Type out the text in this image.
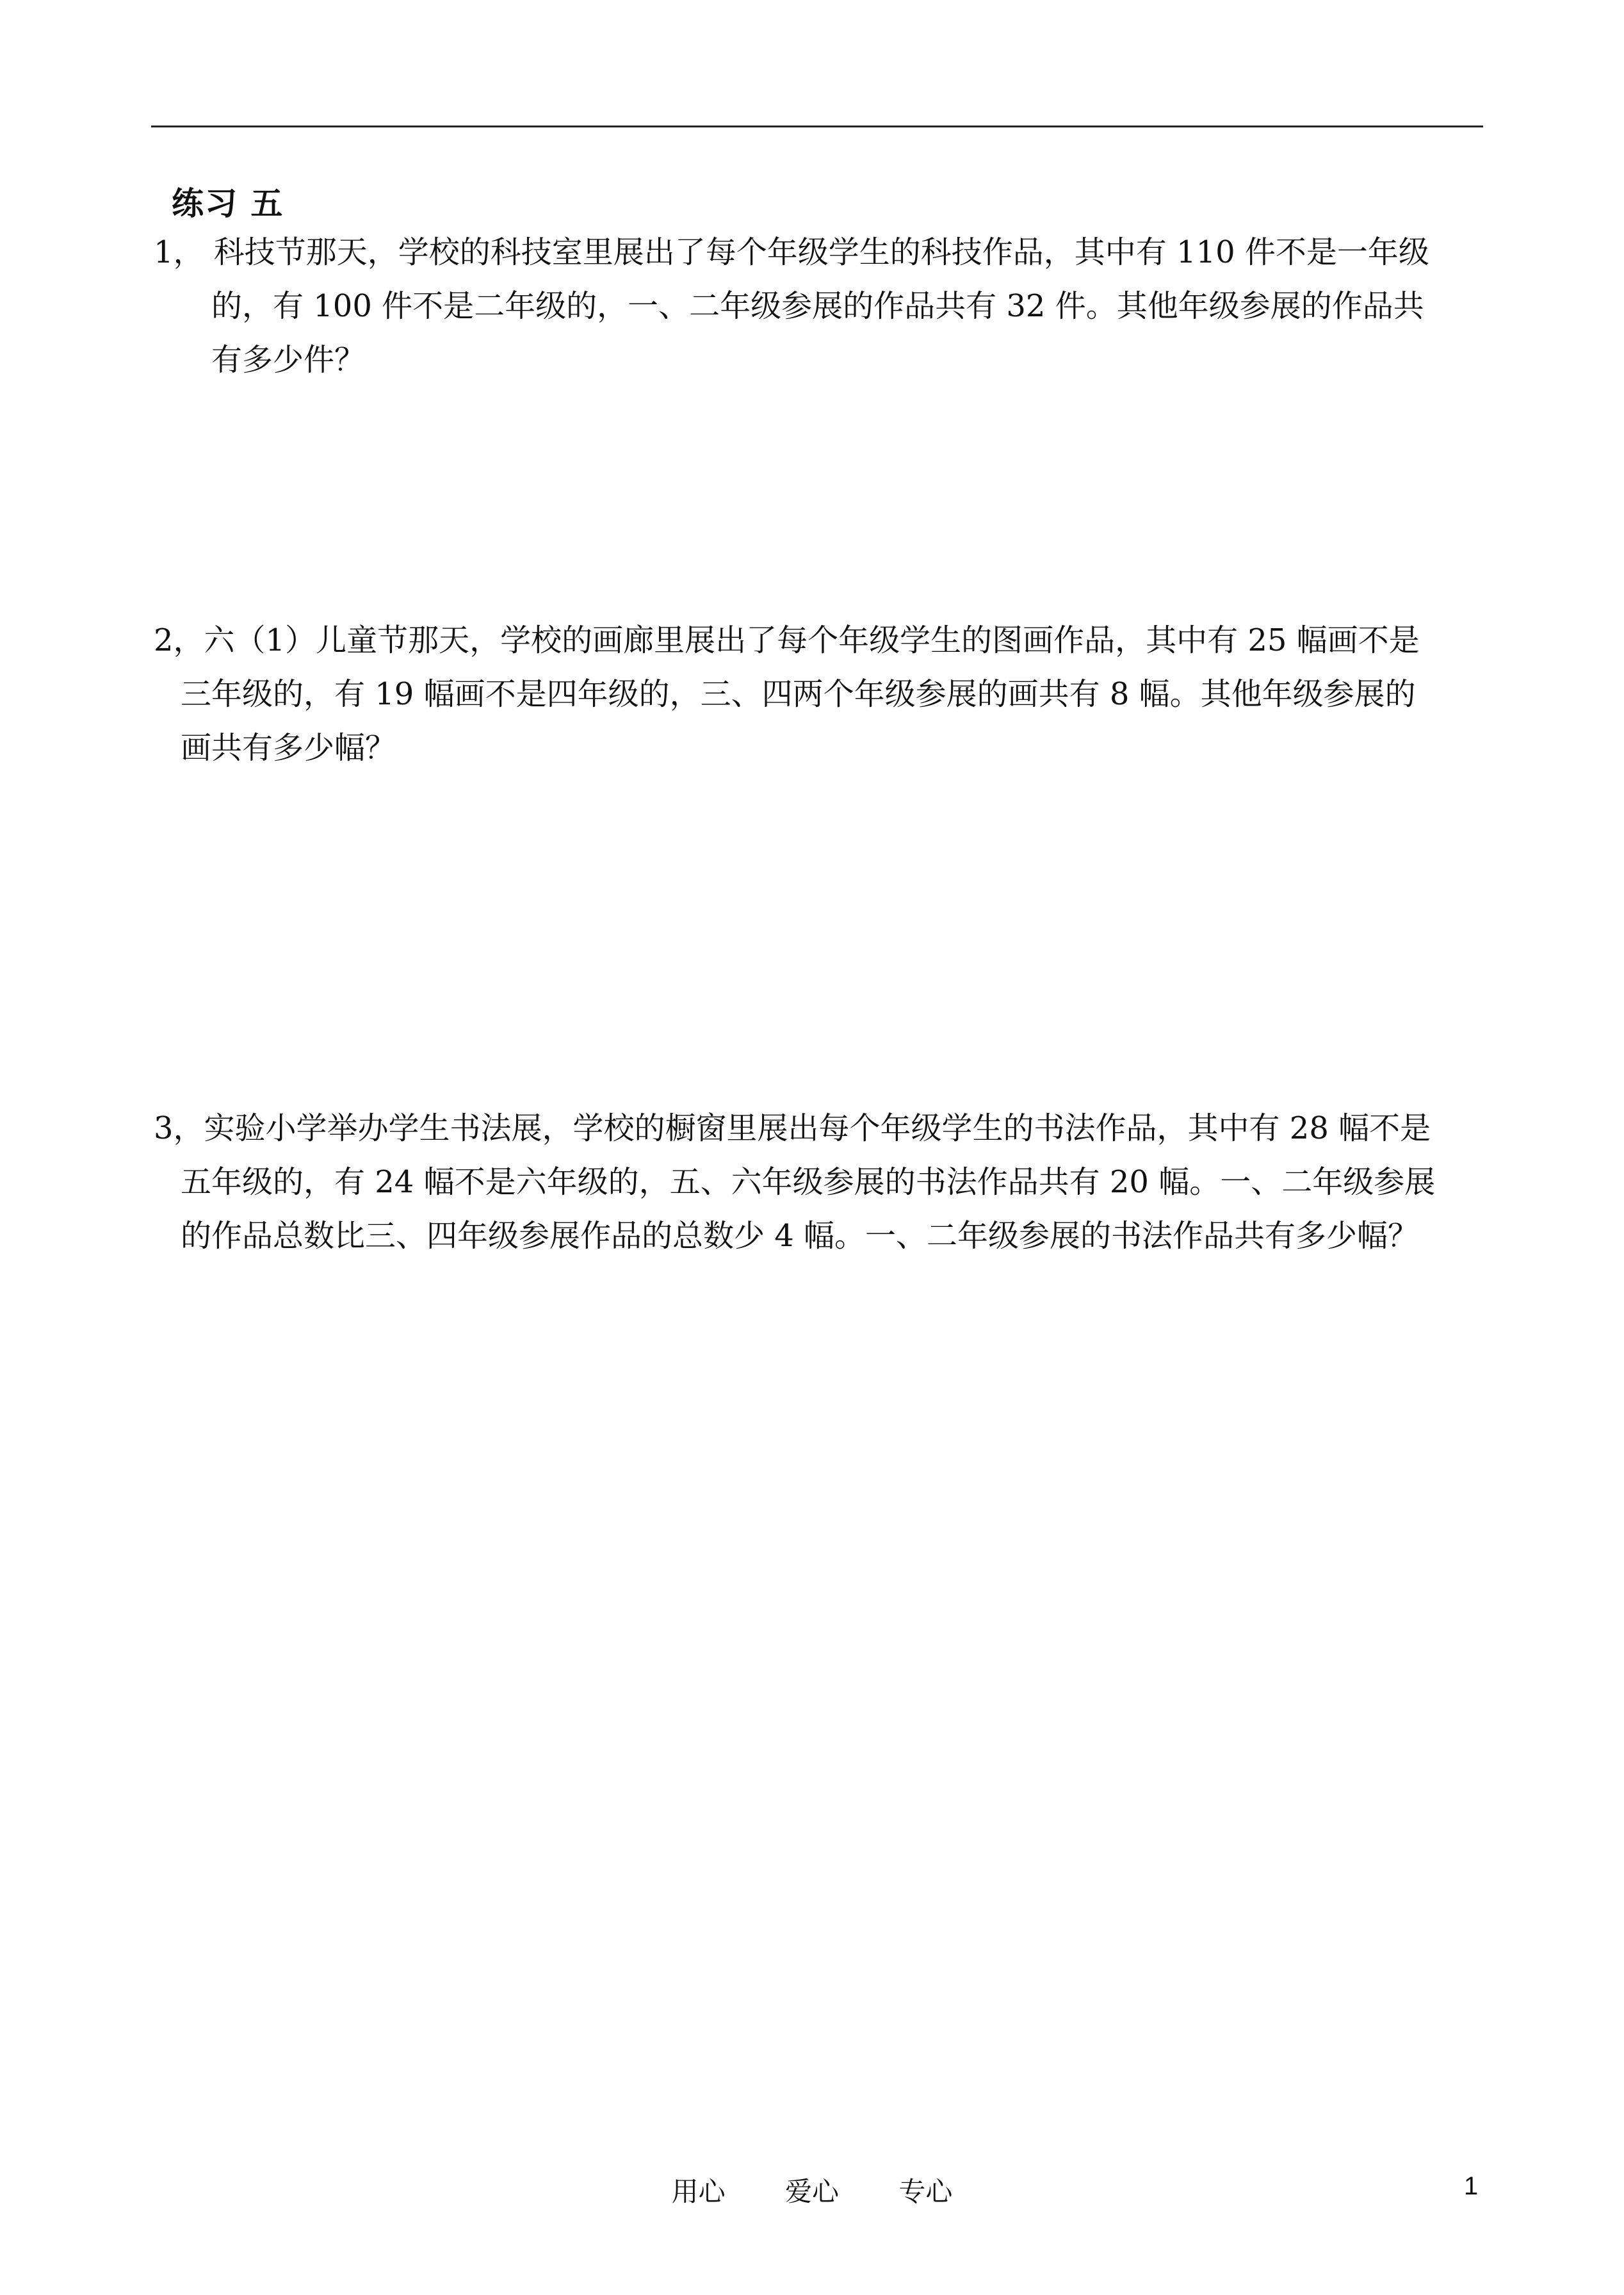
练习 五
1， 科技节那天，学校的科技室里展出了每个年级学生的科技作品，其中有 110 件不是一年级
的，有 100 件不是二年级的，一、二年级参展的作品共有 32 件。其他年级参展的作品共
有多少件？
2，六（1）儿童节那天，学校的画廊里展出了每个年级学生的图画作品，其中有 25 幅画不是
三年级的，有 19 幅画不是四年级的，三、四两个年级参展的画共有 8 幅。其他年级参展的
画共有多少幅？
3，实验小学举办学生书法展，学校的橱窗里展出每个年级学生的书法作品，其中有 28 幅不是
五年级的，有 24 幅不是六年级的，五、六年级参展的书法作品共有 20 幅。一、二年级参展
的作品总数比三、四年级参展作品的总数少 4 幅。一、二年级参展的书法作品共有多少幅？
用心 爱心 专心	1
